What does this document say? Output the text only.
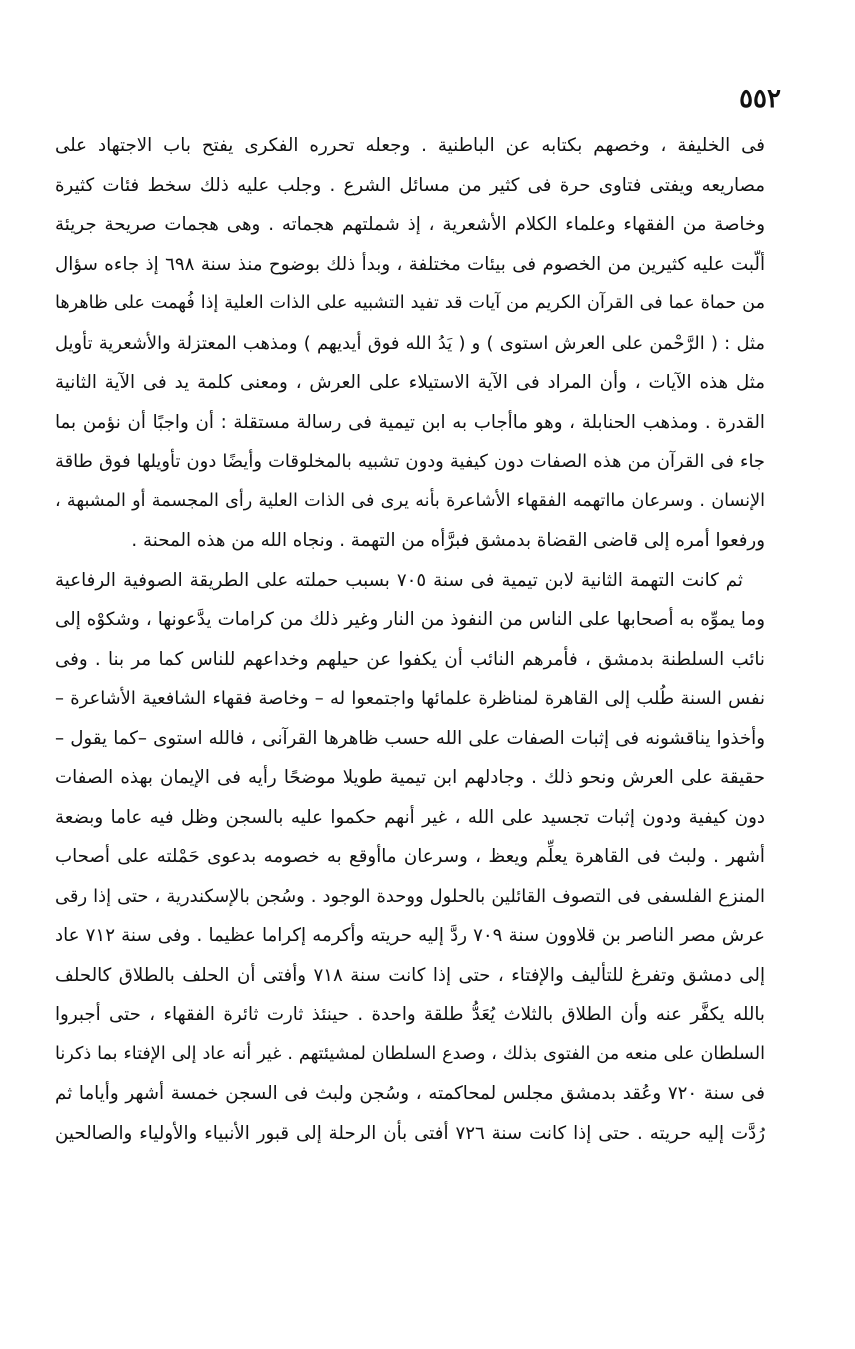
٥٥٢
فى الخليفة ، وخصهم بكتابه عن الباطنية . وجعله تحرره الفكرى يفتح باب الاجتهاد على
مصاريعه ويفتى فتاوى حرة فى كثير من مسائل الشرع . وجلب عليه ذلك سخط فئات كثيرة
وخاصة من الفقهاء وعلماء الكلام الأشعرية ، إذ شملتهم هجماته . وهى هجمات صريحة جريئة
ألّبت عليه كثيرين من الخصوم فى بيئات مختلفة ، وبدأ ذلك بوضوح منذ سنة ٦٩٨ إذ جاءه سؤال
من حماة عما فى القرآن الكريم من آيات قد تفيد التشبيه على الذات العلية إذا فُهمت على ظاهرها
مثل : ( الرَّحْمن على العرش استوى ) و ( يَدُ الله فوق أيديهم ) ومذهب المعتزلة والأشعرية تأويل
مثل هذه الآيات ، وأن المراد فى الآية الاستيلاء على العرش ، ومعنى كلمة يد فى الآية الثانية
القدرة . ومذهب الحنابلة ، وهو ماأجاب به ابن تيمية فى رسالة مستقلة : أن واجبًا أن نؤمن بما
جاء فى القرآن من هذه الصفات دون كيفية ودون تشبيه بالمخلوقات وأيضًا دون تأويلها فوق طاقة
الإنسان . وسرعان مااتهمه الفقهاء الأشاعرة بأنه يرى فى الذات العلية رأى المجسمة أو المشبهة ،
ورفعوا أمره إلى قاضى القضاة بدمشق فبرَّأه من التهمة . ونجاه الله من هذه المحنة .
ثم كانت التهمة الثانية لابن تيمية فى سنة ٧٠٥ بسبب حملته على الطريقة الصوفية الرفاعية
وما يموِّه به أصحابها على الناس من النفوذ من النار وغير ذلك من كرامات يدَّعونها ، وشكوْه إلى
نائب السلطنة بدمشق ، فأمرهم النائب أن يكفوا عن حيلهم وخداعهم للناس كما مر بنا . وفى
نفس السنة طُلب إلى القاهرة لمناظرة علمائها واجتمعوا له – وخاصة فقهاء الشافعية الأشاعرة –
وأخذوا يناقشونه فى إثبات الصفات على الله حسب ظاهرها القرآنى ، فالله استوى –كما يقول –
حقيقة على العرش ونحو ذلك . وجادلهم ابن تيمية طويلا موضحًا رأيه فى الإيمان بهذه الصفات
دون كيفية ودون إثبات تجسيد على الله ، غير أنهم حكموا عليه بالسجن وظل فيه عاما وبضعة
أشهر . ولبث فى القاهرة يعلِّم ويعظ ، وسرعان ماأوقع به خصومه بدعوى حَمْلته على أصحاب
المنزع الفلسفى فى التصوف القائلين بالحلول ووحدة الوجود . وسُجن بالإسكندرية ، حتى إذا رقى
عرش مصر الناصر بن قلاوون سنة ٧٠٩ ردَّ إليه حريته وأكرمه إكراما عظيما . وفى سنة ٧١٢ عاد
إلى دمشق وتفرغ للتأليف والإفتاء ، حتى إذا كانت سنة ٧١٨ وأفتى أن الحلف بالطلاق كالحلف
بالله يكفَّر عنه وأن الطلاق بالثلاث يُعَدُّ طلقة واحدة . حينئذ ثارت ثائرة الفقهاء ، حتى أجبروا
السلطان على منعه من الفتوى بذلك ، وصدع السلطان لمشيئتهم . غير أنه عاد إلى الإفتاء بما ذكرنا
فى سنة ٧٢٠ وعُقد بدمشق مجلس لمحاكمته ، وسُجن ولبث فى السجن خمسة أشهر وأياما ثم
رُدَّت إليه حريته . حتى إذا كانت سنة ٧٢٦ أفتى بأن الرحلة إلى قبور الأنبياء والأولياء والصالحين
